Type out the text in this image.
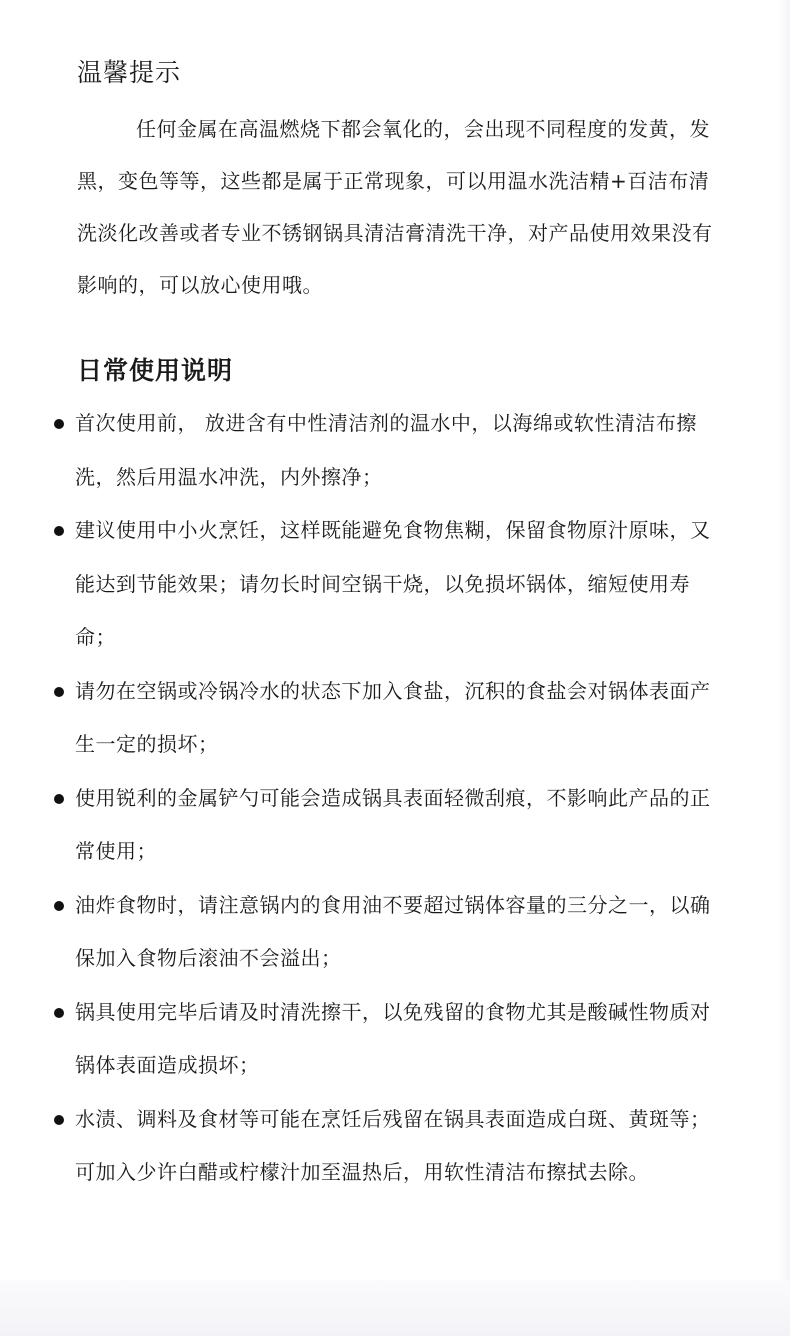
温馨提示

任何金属在高温燃烧下都会氧化的，会出现不同程度的发黄，发黑，变色等等，这些都是属于正常现象，可以用温水洗洁精+百洁布清洗淡化改善或者专业不锈钢锅具清洁膏清洗干净，对产品使用效果没有影响的，可以放心使用哦。

日常使用说明
首次使用前， 放进含有中性清洁剂的温水中，以海绵或软性清洁布擦洗，然后用温水冲洗，内外擦净；
建议使用中小火烹饪，这样既能避免食物焦糊，保留食物原汁原味，又能达到节能效果；请勿长时间空锅干烧，以免损坏锅体，缩短使用寿命；
请勿在空锅或冷锅冷水的状态下加入食盐，沉积的食盐会对锅体表面产生一定的损坏；
使用锐利的金属铲勺可能会造成锅具表面轻微刮痕，不影响此产品的正常使用；
油炸食物时，请注意锅内的食用油不要超过锅体容量的三分之一，以确保加入食物后滚油不会溢出；
锅具使用完毕后请及时清洗擦干，以免残留的食物尤其是酸碱性物质对锅体表面造成损坏；
水渍、调料及食材等可能在烹饪后残留在锅具表面造成白斑、黄斑等；可加入少许白醋或柠檬汁加至温热后，用软性清洁布擦拭去除。
